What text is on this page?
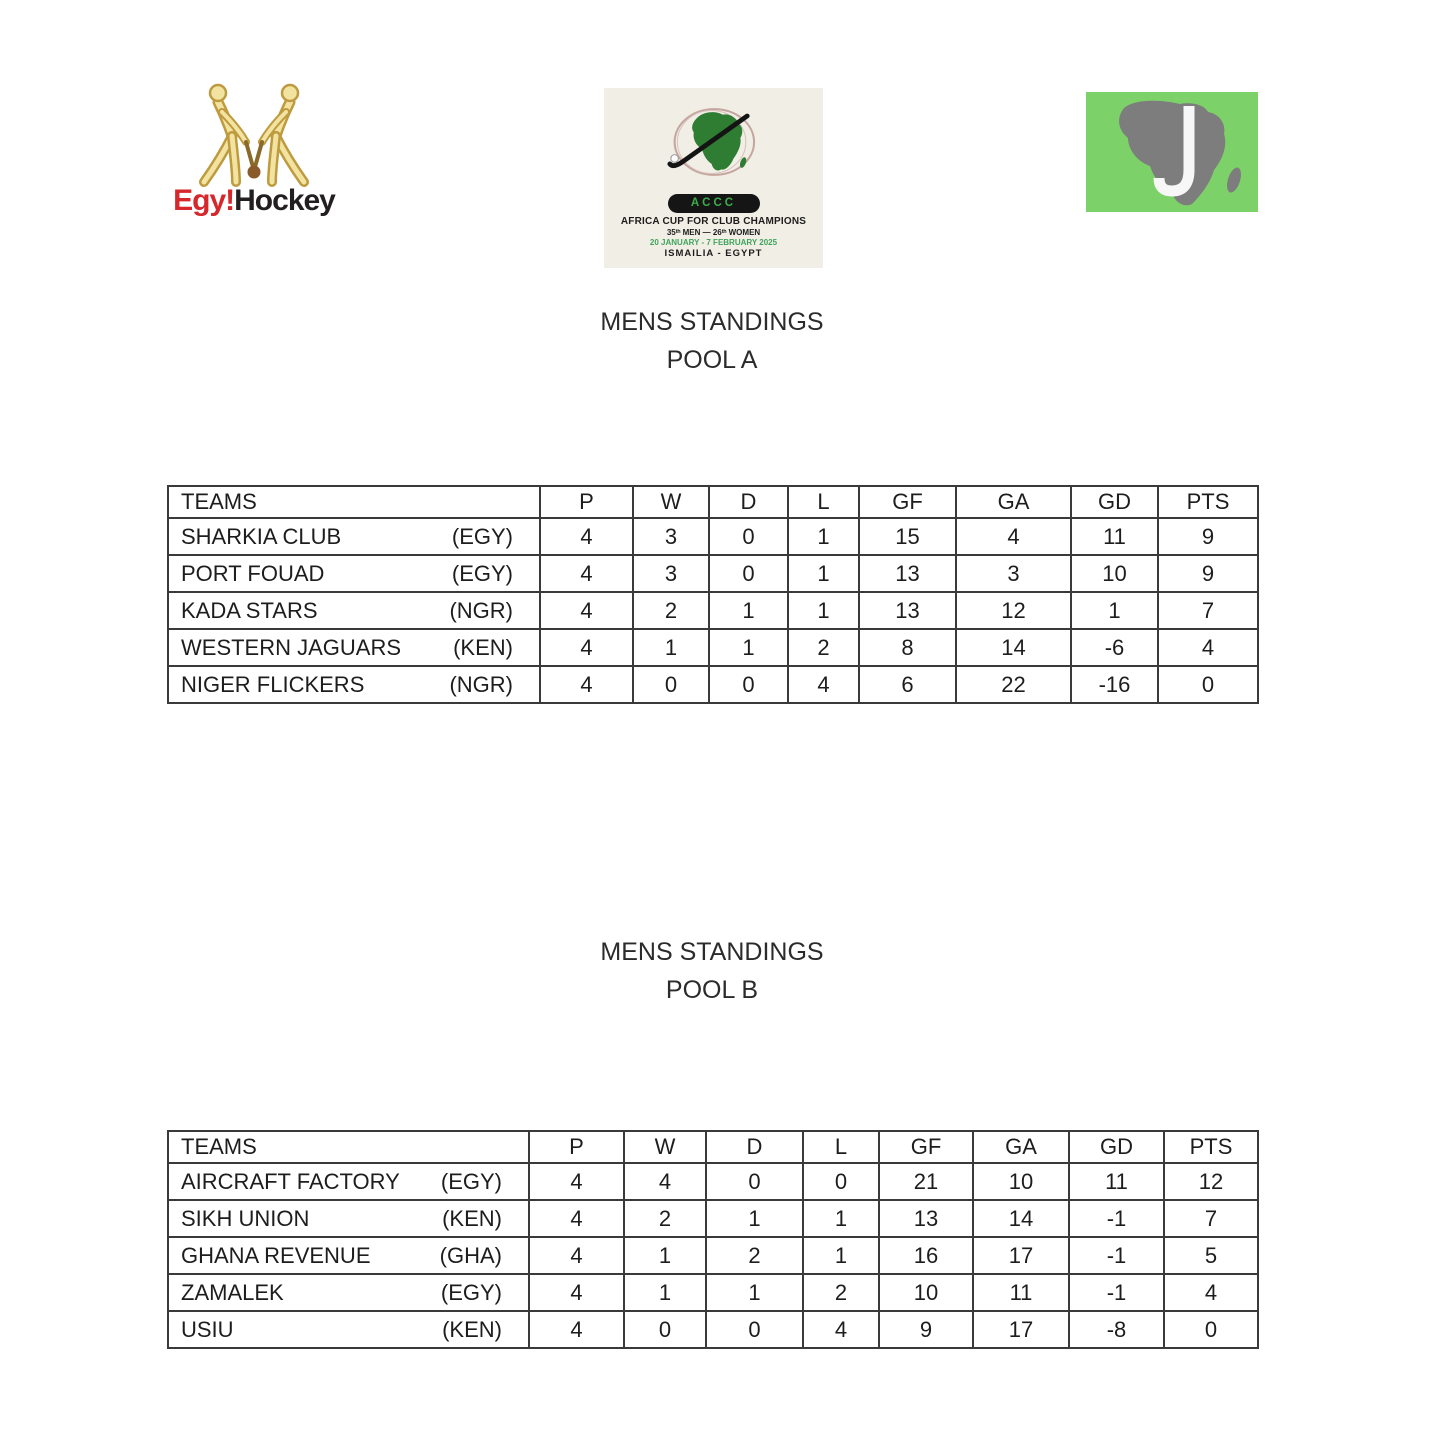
Egy!Hockey	ACCC
AFRICA CUP FOR CLUB CHAMPIONS
35ᵗʰ MEN — 26ᵗʰ WOMEN
20 JANUARY - 7 FEBRUARY 2025
ISMAILIA - EGYPT
MENS STANDINGS
POOL A
TEAMS	P	W	D	L	GF	GA	GD	PTS

SHARKIA CLUB (EGY)	4	3	0	1	15	4	11	9

PORT FOUAD (EGY)	4	3	0	1	13	3	10	9

KADA STARS (NGR)	4	2	1	1	13	12	1	7

WESTERN JAGUARS (KEN)	4	1	1	2	8	14	-6	4

NIGER FLICKERS (NGR)	4	0	0	4	6	22	-16	0
MENS STANDINGS
POOL B
TEAMS	P	W	D	L	GF	GA	GD	PTS

AIRCRAFT FACTORY (EGY)	4	4	0	0	21	10	11	12

SIKH UNION (KEN)	4	2	1	1	13	14	-1	7

GHANA REVENUE (GHA)	4	1	2	1	16	17	-1	5

ZAMALEK (EGY)	4	1	1	2	10	11	-1	4

USIU (KEN)	4	0	0	4	9	17	-8	0
